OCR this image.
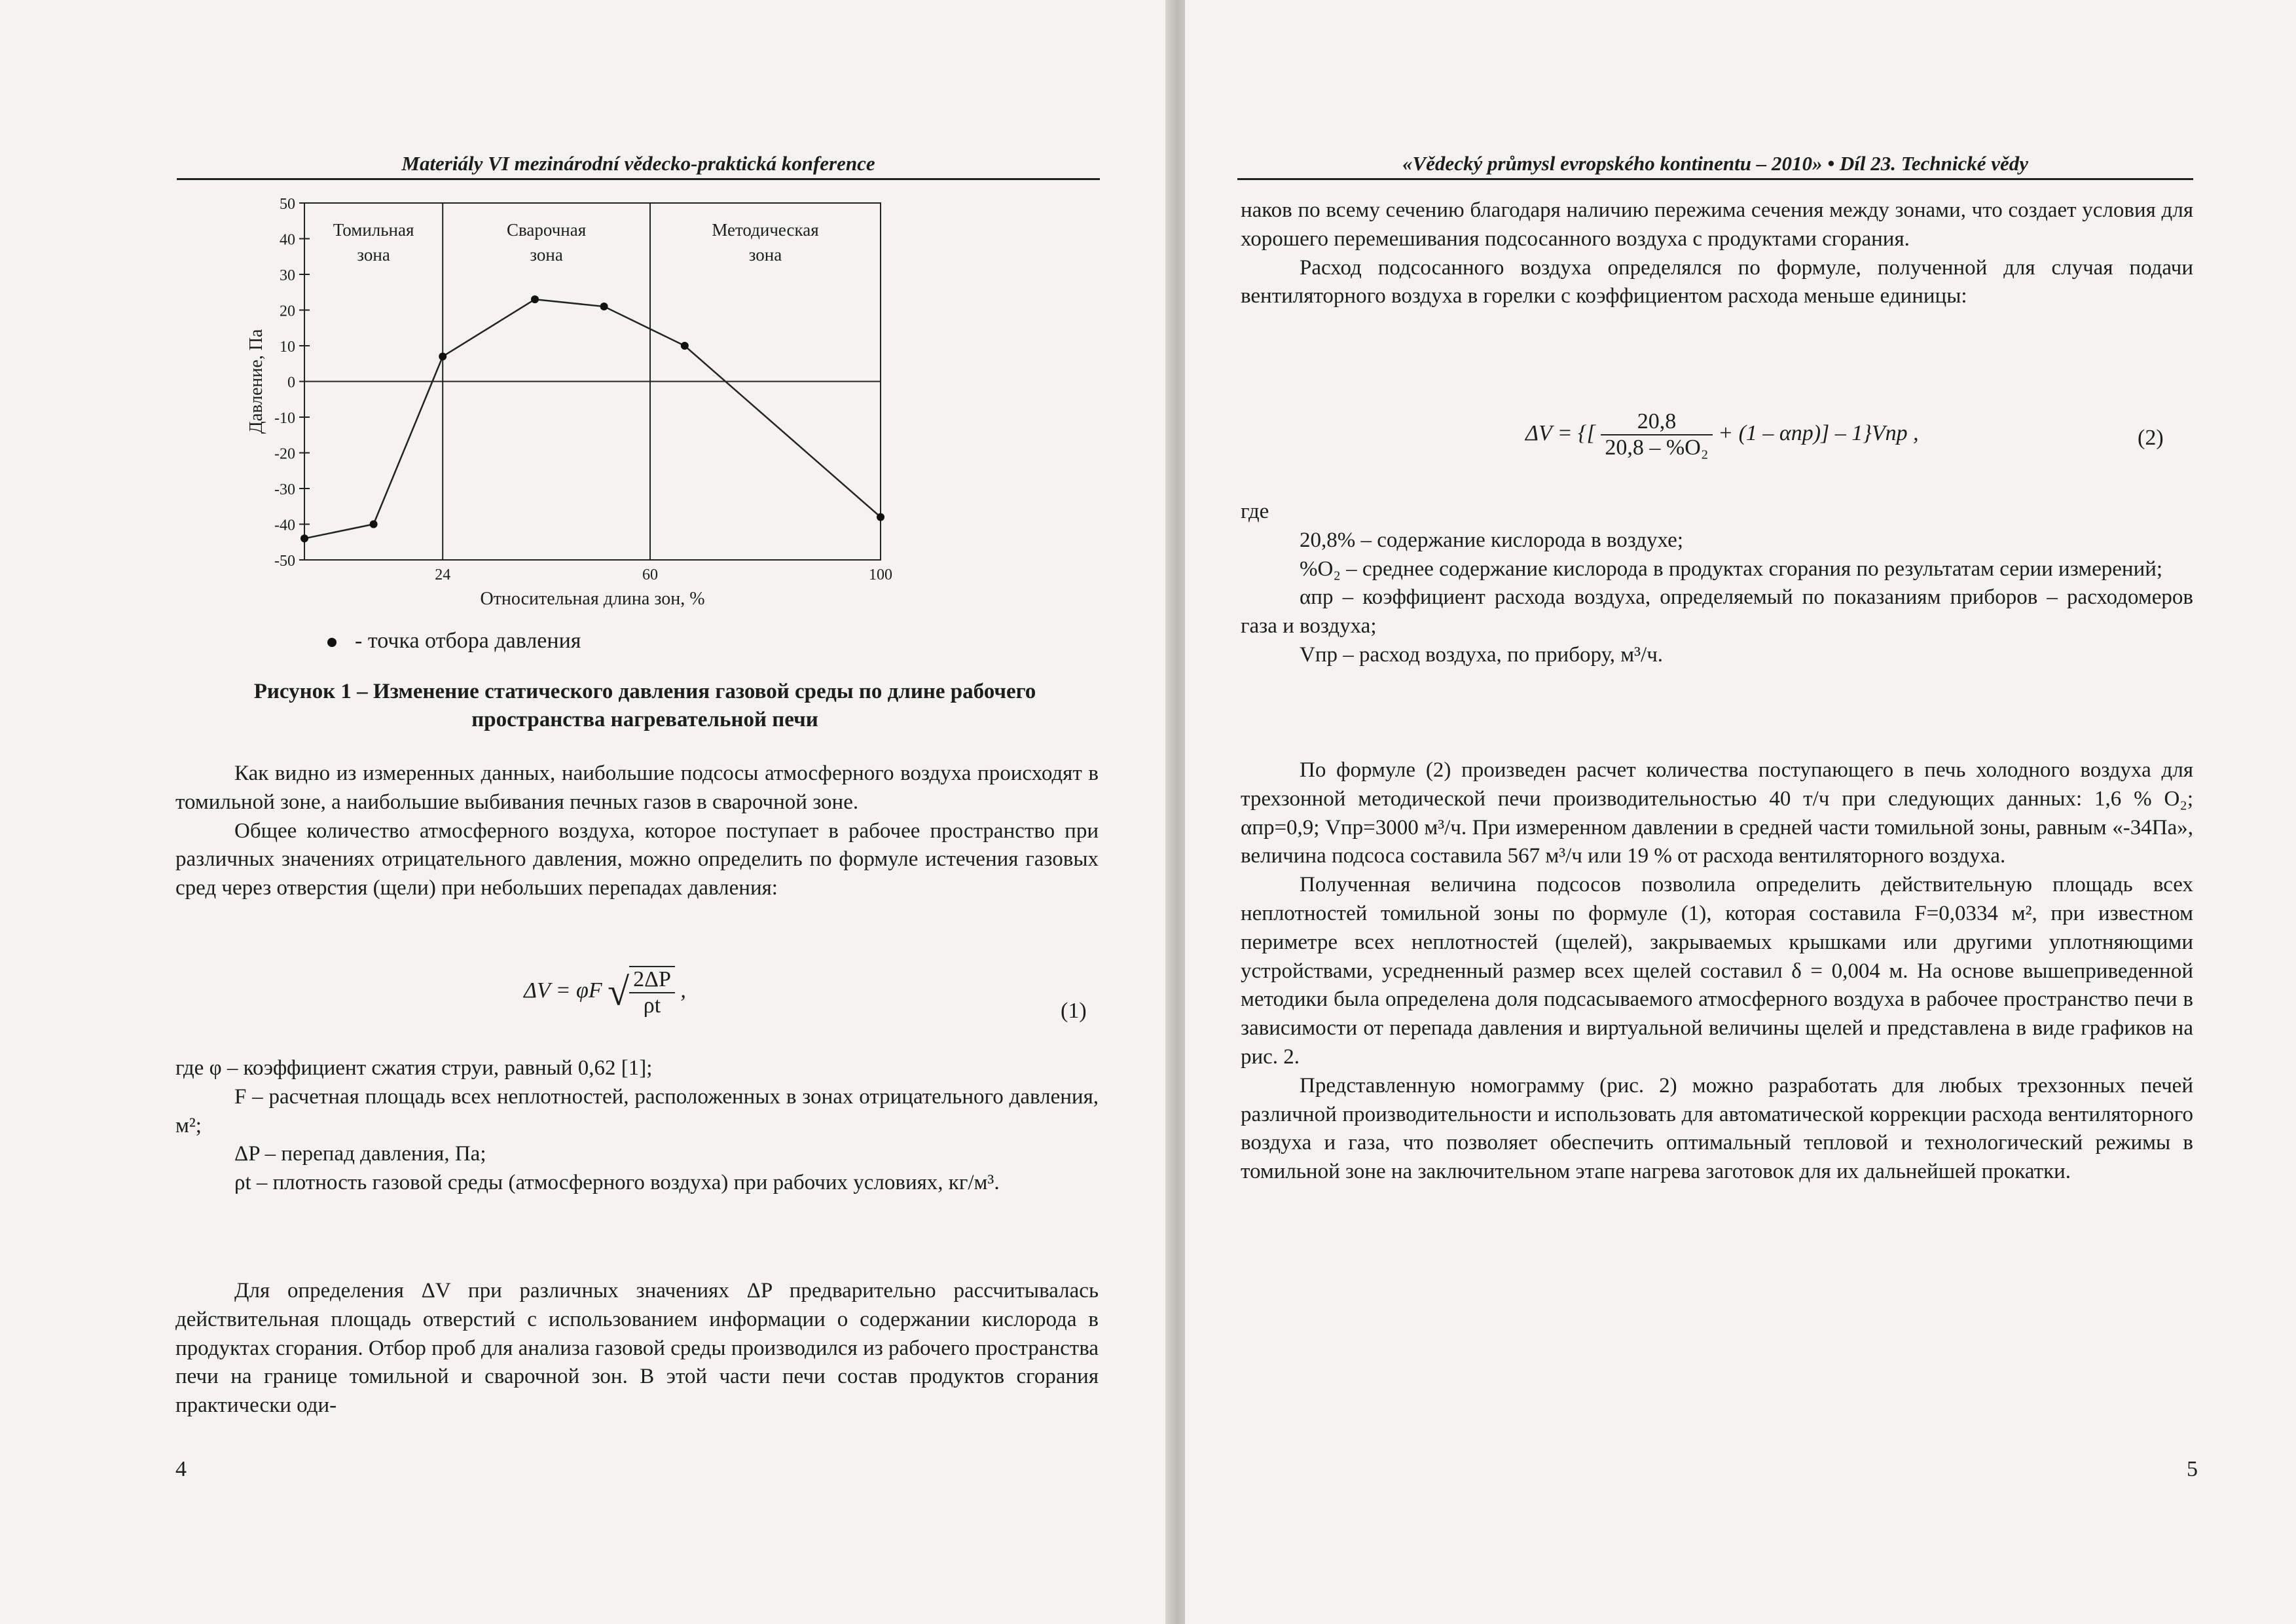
Materiály VI mezinárodní vědecko-praktická konference
50
40
30
20
10
0
-10
-20
-30
-40
-50
24	60	100
Относительная длина зон, %
Давление, Па
Томильная
зона
Сварочная
зона
Методическая
зона
- точка отбора давления
Рисунок 1 – Изменение статического давления газовой среды по длине рабочего пространства нагревательной печи

Как видно из измеренных данных, наибольшие подсосы атмосферного воздуха происходят в томильной зоне, а наибольшие выбивания печных газов в сварочной зоне.

Общее количество атмосферного воздуха, которое поступает в рабочее пространство при различных значениях отрицательного давления, можно определить по формуле истечения газовых сред через отверстия (щели) при небольших перепадах давления:

ΔV = φF √ $\frac{2\Delta P}{\rho t}$ ,
(1)

где φ – коэффициент сжатия струи, равный 0,62 [1];

F – расчетная площадь всех неплотностей, расположенных в зонах отрицательного давления, м²;

ΔP – перепад давления, Па;

ρt – плотность газовой среды (атмосферного воздуха) при рабочих условиях, кг/м³.

Для определения ΔV при различных значениях ΔP предварительно рассчитывалась действительная площадь отверстий с использованием информации о содержании кислорода в продуктах сгорания. Отбор проб для анализа газовой среды производился из рабочего пространства печи на границе томильной и сварочной зон. В этой части печи состав продуктов сгорания практически оди-

4
«Vědecký průmysl evropského kontinentu – 2010» • Díl 23. Technické vědy

наков по всему сечению благодаря наличию пережима сечения между зонами, что создает условия для хорошего перемешивания подсосанного воздуха с продуктами сгорания.

Расход подсосанного воздуха определялся по формуле, полученной для случая подачи вентиляторного воздуха в горелки с коэффициентом расхода меньше единицы:

ΔV = {[ $\frac{20,8}{\text{20,8 – \%O₂}} + (1 - \alpha пр)] - 1\}Vпр$ ,	(2)

где

20,8% – содержание кислорода в воздухе;

%O₂ – среднее содержание кислорода в продуктах сгорания по результатам серии измерений;

αпр – коэффициент расхода воздуха, определяемый по показаниям приборов – расходомеров газа и воздуха;

Vпр – расход воздуха, по прибору, м³/ч.

По формуле (2) произведен расчет количества поступающего в печь холодного воздуха для трехзонной методической печи производительностью 40 т/ч при следующих данных: 1,6 % O₂; αпр=0,9; Vпр=3000 м³/ч. При измеренном давлении в средней части томильной зоны, равным «-34Па», величина подсоса составила 567 м³/ч или 19 % от расхода вентиляторного воздуха.

Полученная величина подсосов позволила определить действительную площадь всех неплотностей томильной зоны по формуле (1), которая составила F=0,0334 м², при известном периметре всех неплотностей (щелей), закрываемых крышками или другими уплотняющими устройствами, усредненный размер всех щелей составил δ = 0,004 м. На основе вышеприведенной методики была определена доля подсасываемого атмосферного воздуха в рабочее пространство печи в зависимости от перепада давления и виртуальной величины щелей и представлена в виде графиков на рис. 2.

Представленную номограмму (рис. 2) можно разработать для любых трехзонных печей различной производительности и использовать для автоматической коррекции расхода вентиляторного воздуха и газа, что позволяет обеспечить оптимальный тепловой и технологический режимы в томильной зоне на заключительном этапе нагрева заготовок для их дальнейшей прокатки.

5
